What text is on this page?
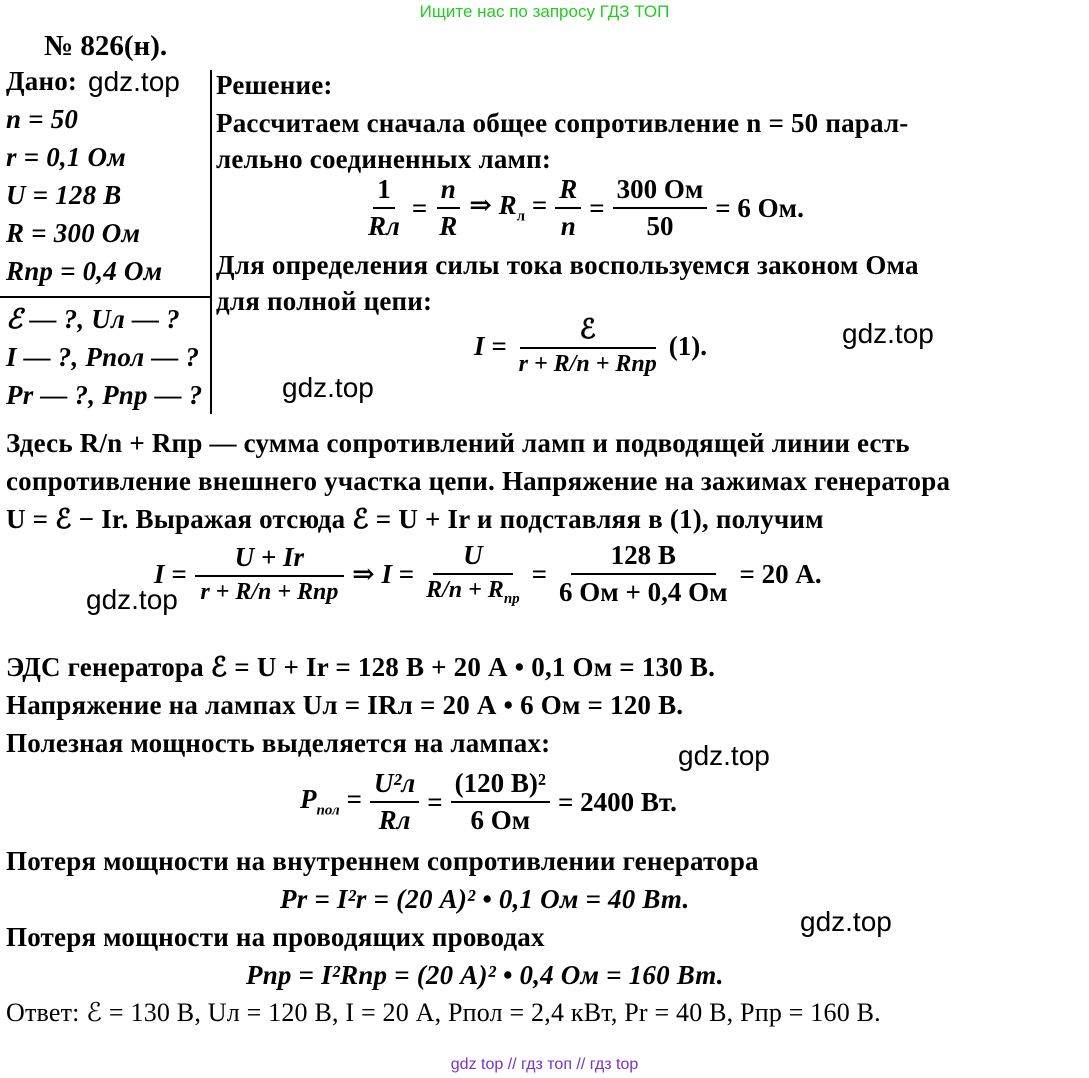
Ищите нас по запросу ГДЗ ТОП
№ 826(н).
Дано: gdz.top
n = 50
r = 0,1 Ом
U = 128 В
R = 300 Ом
Rпр = 0,4 Ом
ℰ — ?, Uл — ?
I — ?, Pпол — ?
Pr — ?, Pпр — ?
Решение:
Рассчитаем сначала общее сопротивление n = 50 парал-
лельно соединенных ламп:
$\frac{1}{Rл} = \frac{n}{R}$ ⇒ $R_л = \frac{R}{n} = \frac{300 Ом}{50} = 6$ Ом.
Для определения силы тока воспользуемся законом Ома
для полной цепи:
$I = \frac{\text{ℰ}}{\text{r + R/n + Rпр}} (1)$.	gdz.top
gdz.top
Здесь R/n + Rпр — сумма сопротивлений ламп и подводящей линии есть
сопротивление внешнего участка цепи. Напряжение на зажимах генератора
U = ℰ − Ir. Выражая отсюда ℰ = U + Ir и подставляя в (1), получим
$I = \frac{U + Ir}{\text{r + R/n + Rпр}}$ ⇒ $I = \frac{U}{R/n + R_{пр}} = \frac{128 В}{6 Ом + 0,4 Ом} = 20$ А.
gdz.top
ЭДС генератора ℰ = U + Ir = 128 В + 20 А • 0,1 Ом = 130 В.
Напряжение на лампах Uл = IRл = 20 А • 6 Ом = 120 В.
Полезная мощность выделяется на лампах:	gdz.top
$P_{пол} = \frac{\text{U²л}}{Rл} = \frac{\text{(120 В)²}}{6 Ом} = 2400$ Вт.
Потеря мощности на внутреннем сопротивлении генератора
Pr = I²r = (20 А)² • 0,1 Ом = 40 Вт.
gdz.top
Потеря мощности на проводящих проводах
Pпр = I²Rпр = (20 А)² • 0,4 Ом = 160 Вт.
Ответ: ℰ = 130 В, Uл = 120 В, I = 20 А, Pпол = 2,4 кВт, Pr = 40 В, Pпр = 160 В.
gdz top // гдз топ // гдз top
